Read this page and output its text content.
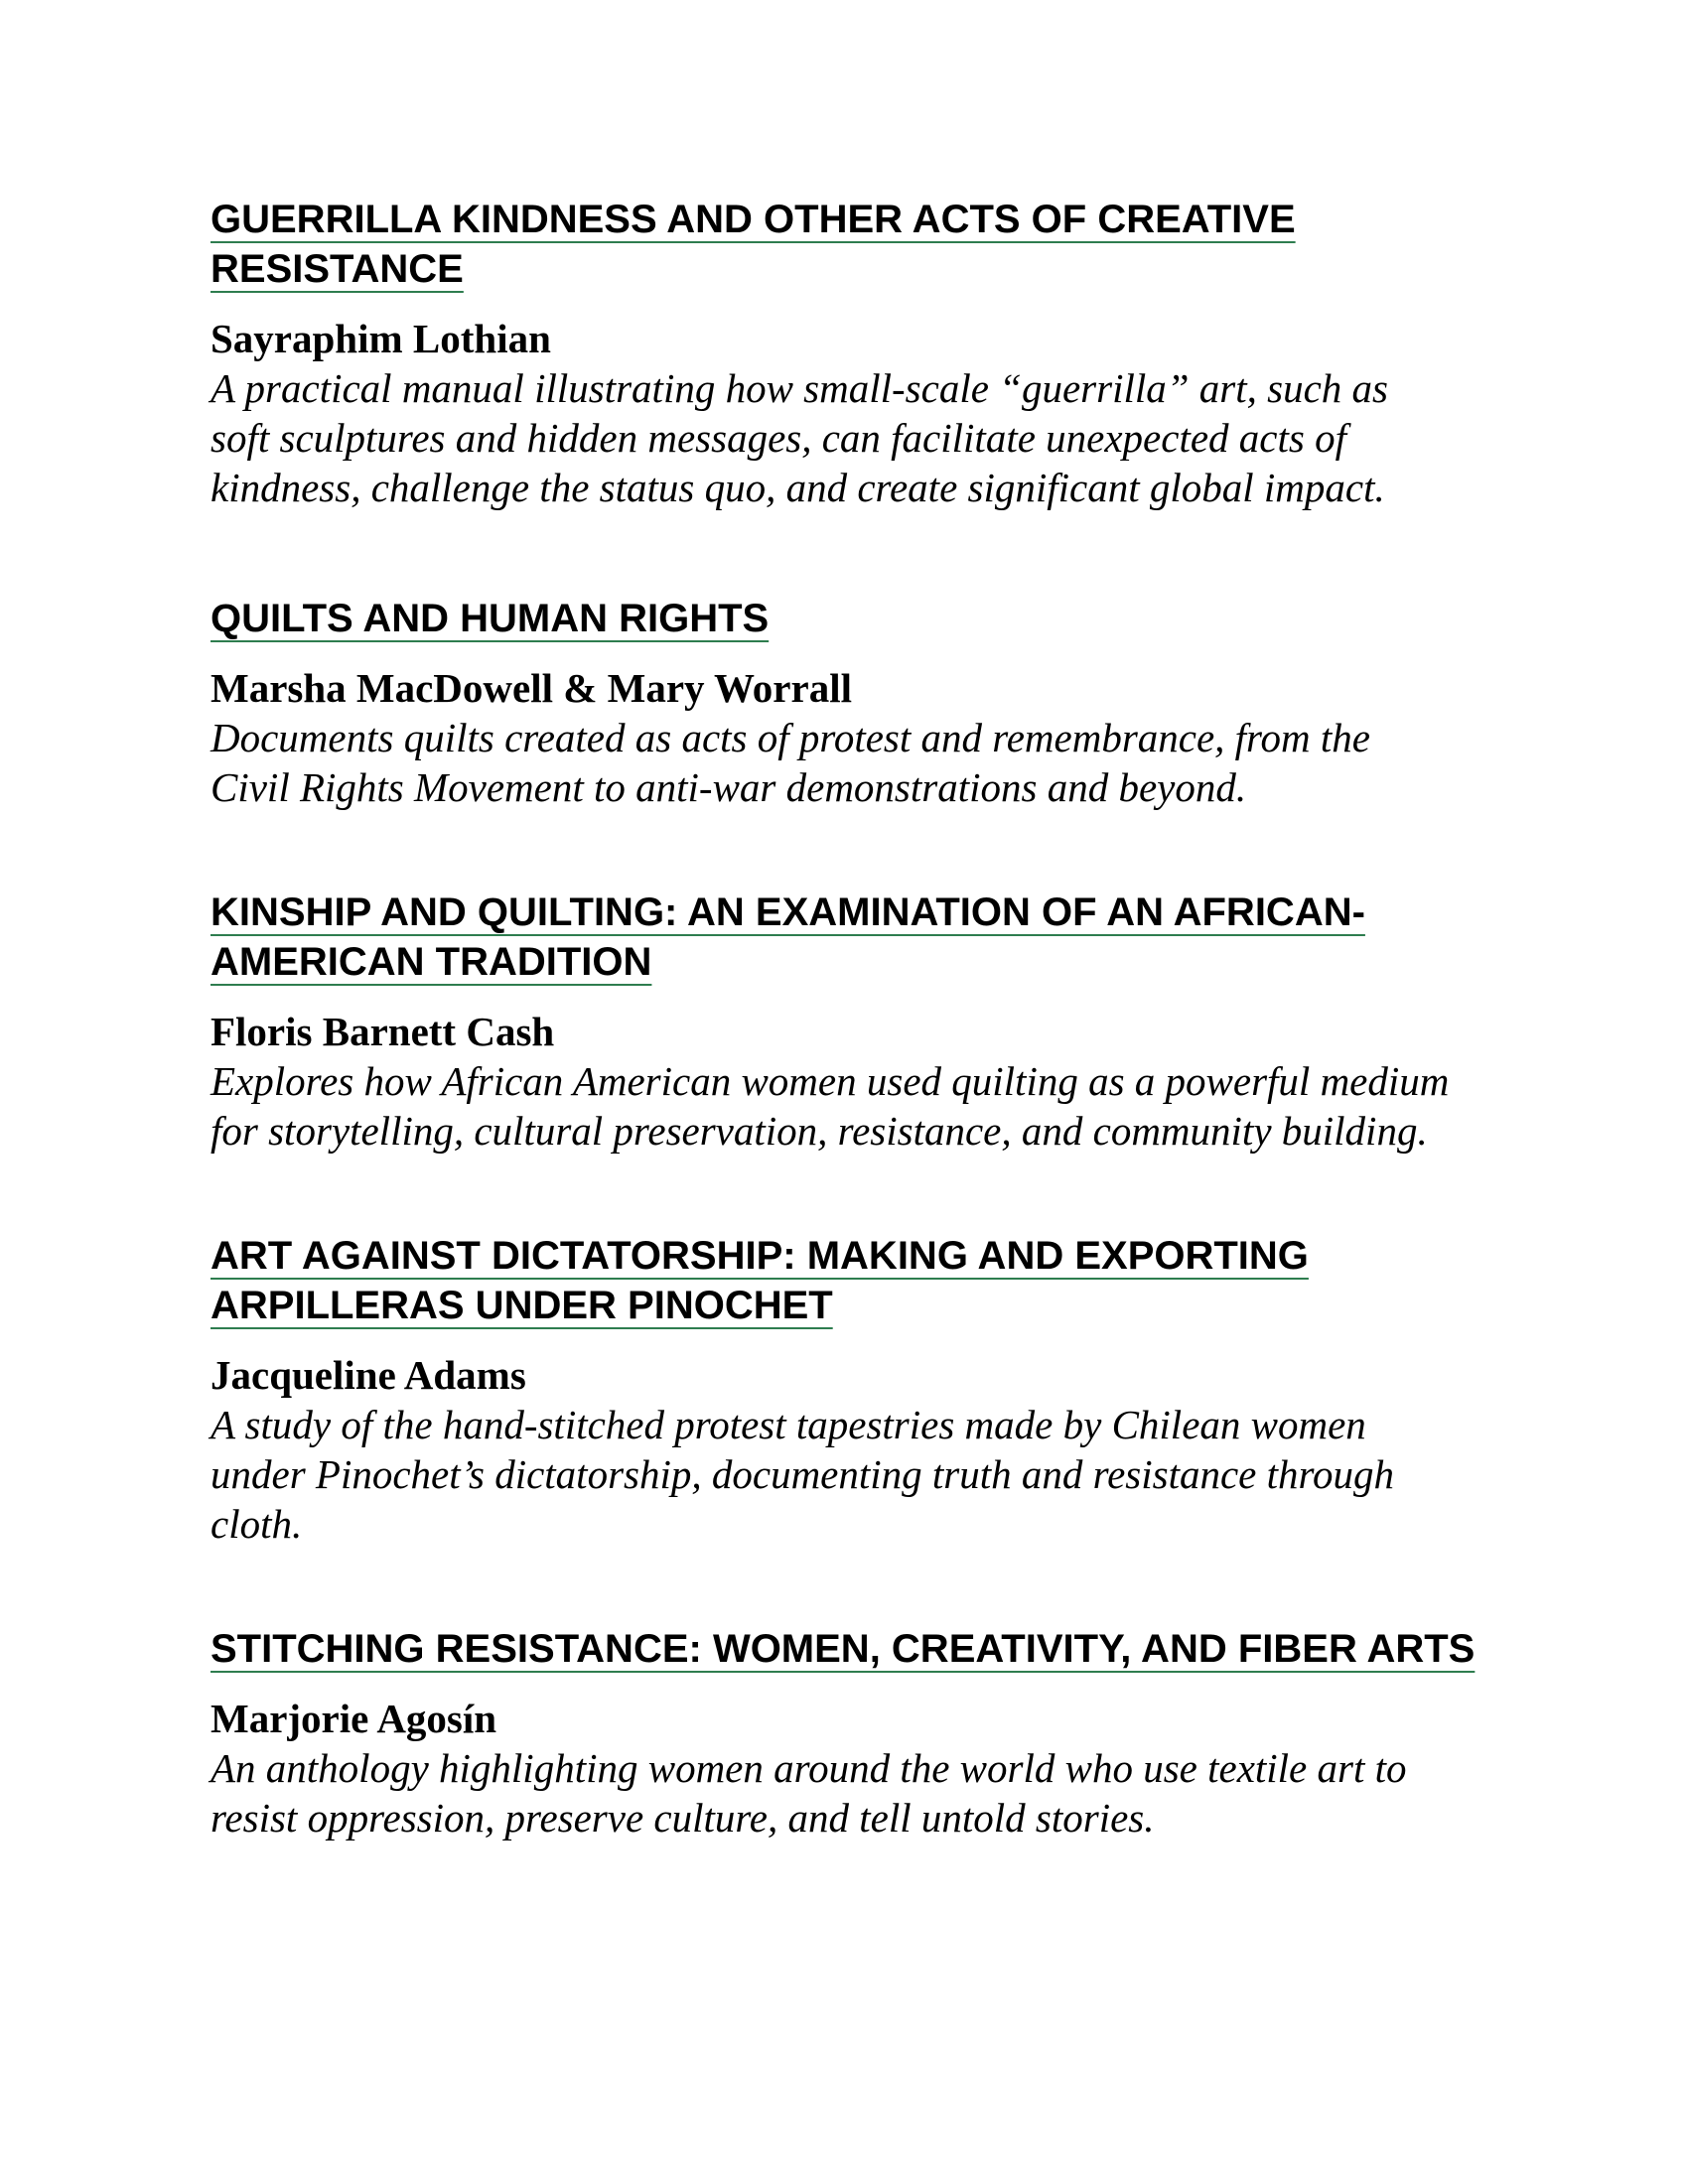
GUERRILLA KINDNESS AND OTHER ACTS OF CREATIVE RESISTANCE
Sayraphim Lothian
A practical manual illustrating how small-scale “guerrilla” art, such as soft sculptures and hidden messages, can facilitate unexpected acts of kindness, challenge the status quo, and create significant global impact.
QUILTS AND HUMAN RIGHTS
Marsha MacDowell & Mary Worrall
Documents quilts created as acts of protest and remembrance, from the Civil Rights Movement to anti-war demonstrations and beyond.
KINSHIP AND QUILTING: AN EXAMINATION OF AN AFRICAN-AMERICAN TRADITION
Floris Barnett Cash
Explores how African American women used quilting as a powerful medium for storytelling, cultural preservation, resistance, and community building.
ART AGAINST DICTATORSHIP: MAKING AND EXPORTING ARPILLERAS UNDER PINOCHET
Jacqueline Adams
A study of the hand-stitched protest tapestries made by Chilean women under Pinochet’s dictatorship, documenting truth and resistance through cloth.
STITCHING RESISTANCE: WOMEN, CREATIVITY, AND FIBER ARTS
Marjorie Agosín
An anthology highlighting women around the world who use textile art to resist oppression, preserve culture, and tell untold stories.
